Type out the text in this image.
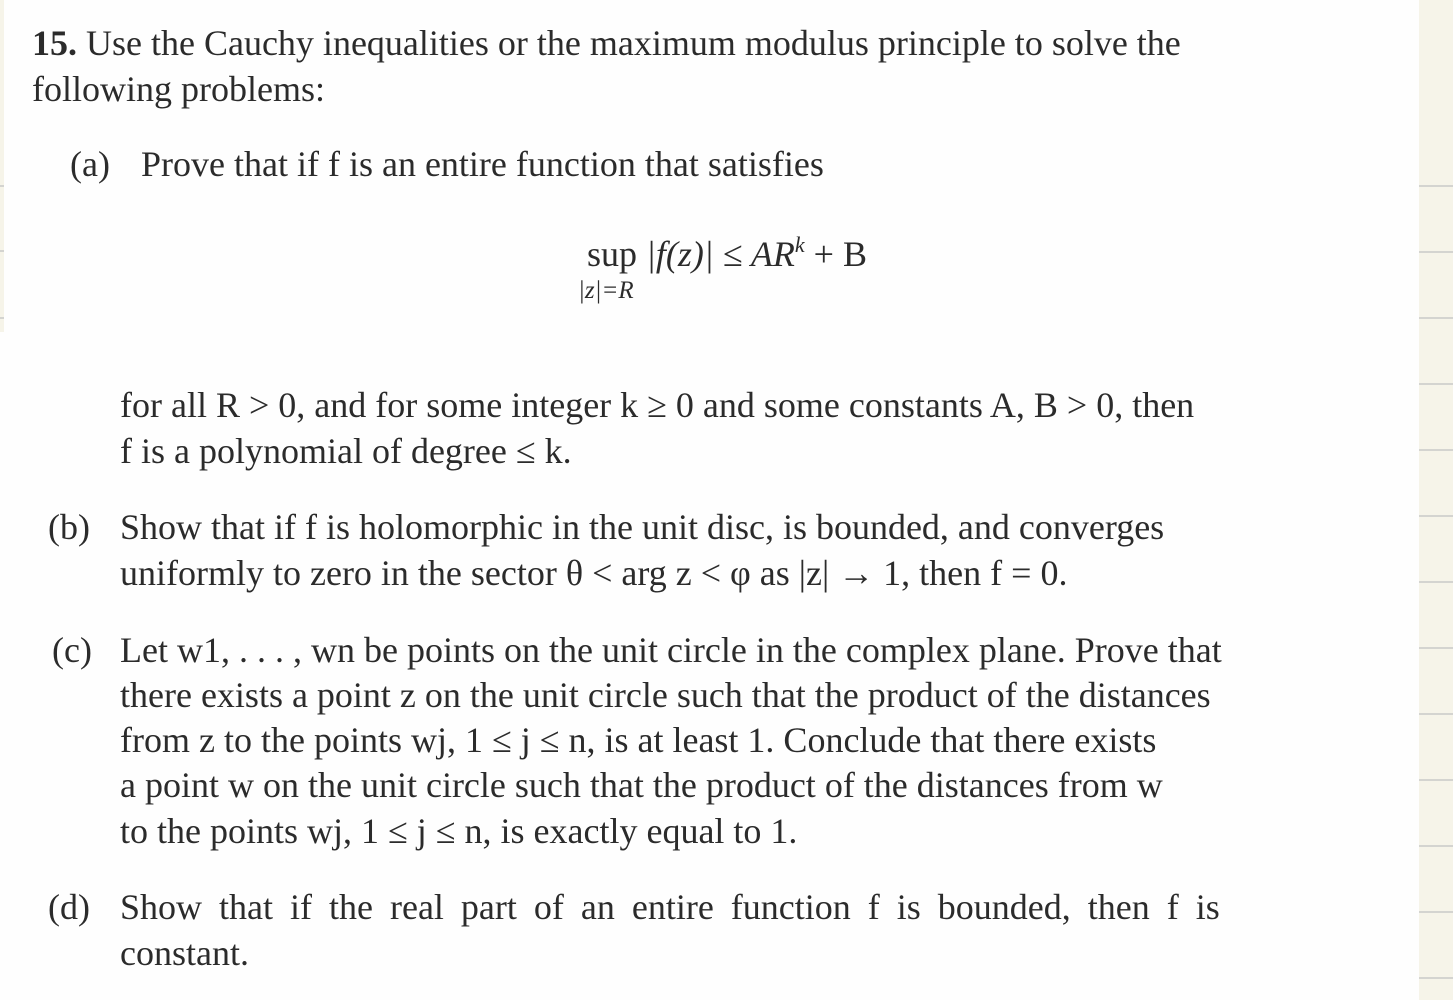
15. Use the Cauchy inequalities or the maximum modulus principle to solve the
following problems:
(a) Prove that if f is an entire function that satisfies
sup $|f(z)| \le AR^k + B$
|z|=R
for all R > 0, and for some integer k ≥ 0 and some constants A, B > 0, then
f is a polynomial of degree ≤ k.
(b) Show that if f is holomorphic in the unit disc, is bounded, and converges
uniformly to zero in the sector θ < arg z < φ as |z| → 1, then f = 0.
(c) Let w1, . . . , wn be points on the unit circle in the complex plane. Prove that
there exists a point z on the unit circle such that the product of the distances
from z to the points wj, 1 ≤ j ≤ n, is at least 1. Conclude that there exists
a point w on the unit circle such that the product of the distances from w
to the points wj, 1 ≤ j ≤ n, is exactly equal to 1.
(d) Show that if the real part of an entire function f is bounded, then f is
constant.
